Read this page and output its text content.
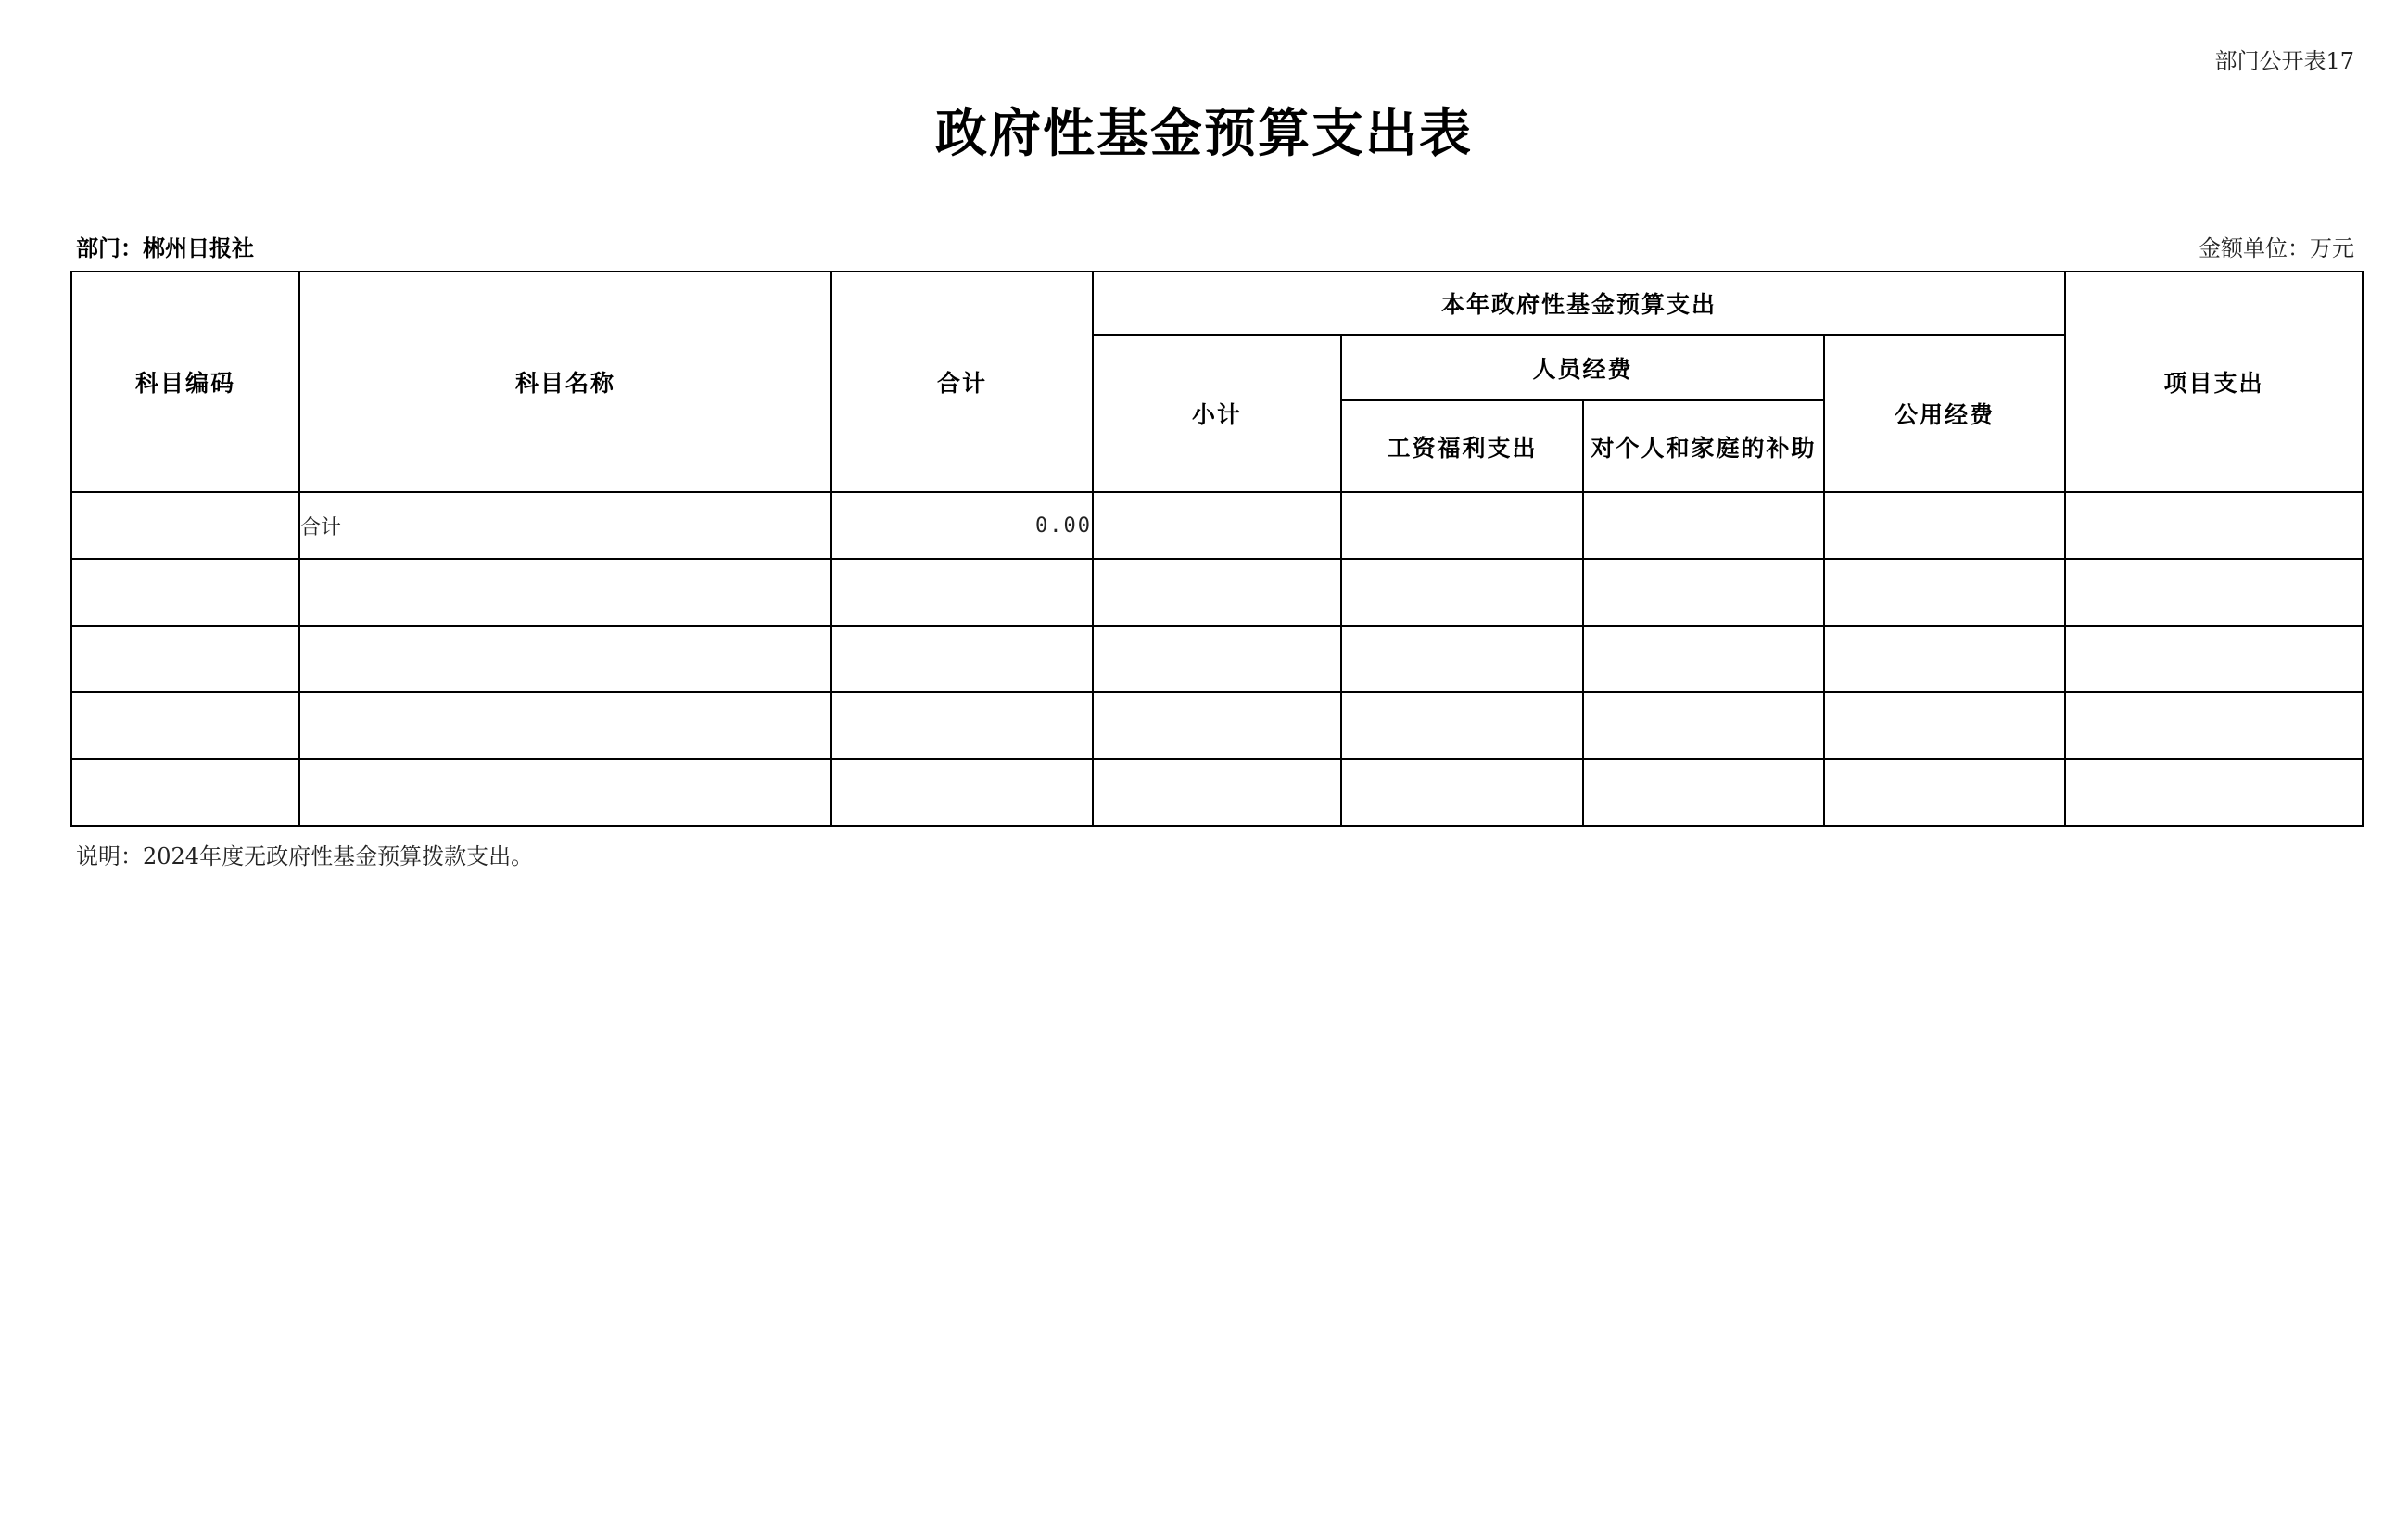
部门公开表17
政府性基金预算支出表
部门：郴州日报社	金额单位：万元
科目编码	科目名称	合计	本年政府性基金预算支出				项目支出
			小计	人员经费		公用经费	
				工资福利支出	对个人和家庭的补助		
	合计	0.00					

说明：2024年度无政府性基金预算拨款支出。
